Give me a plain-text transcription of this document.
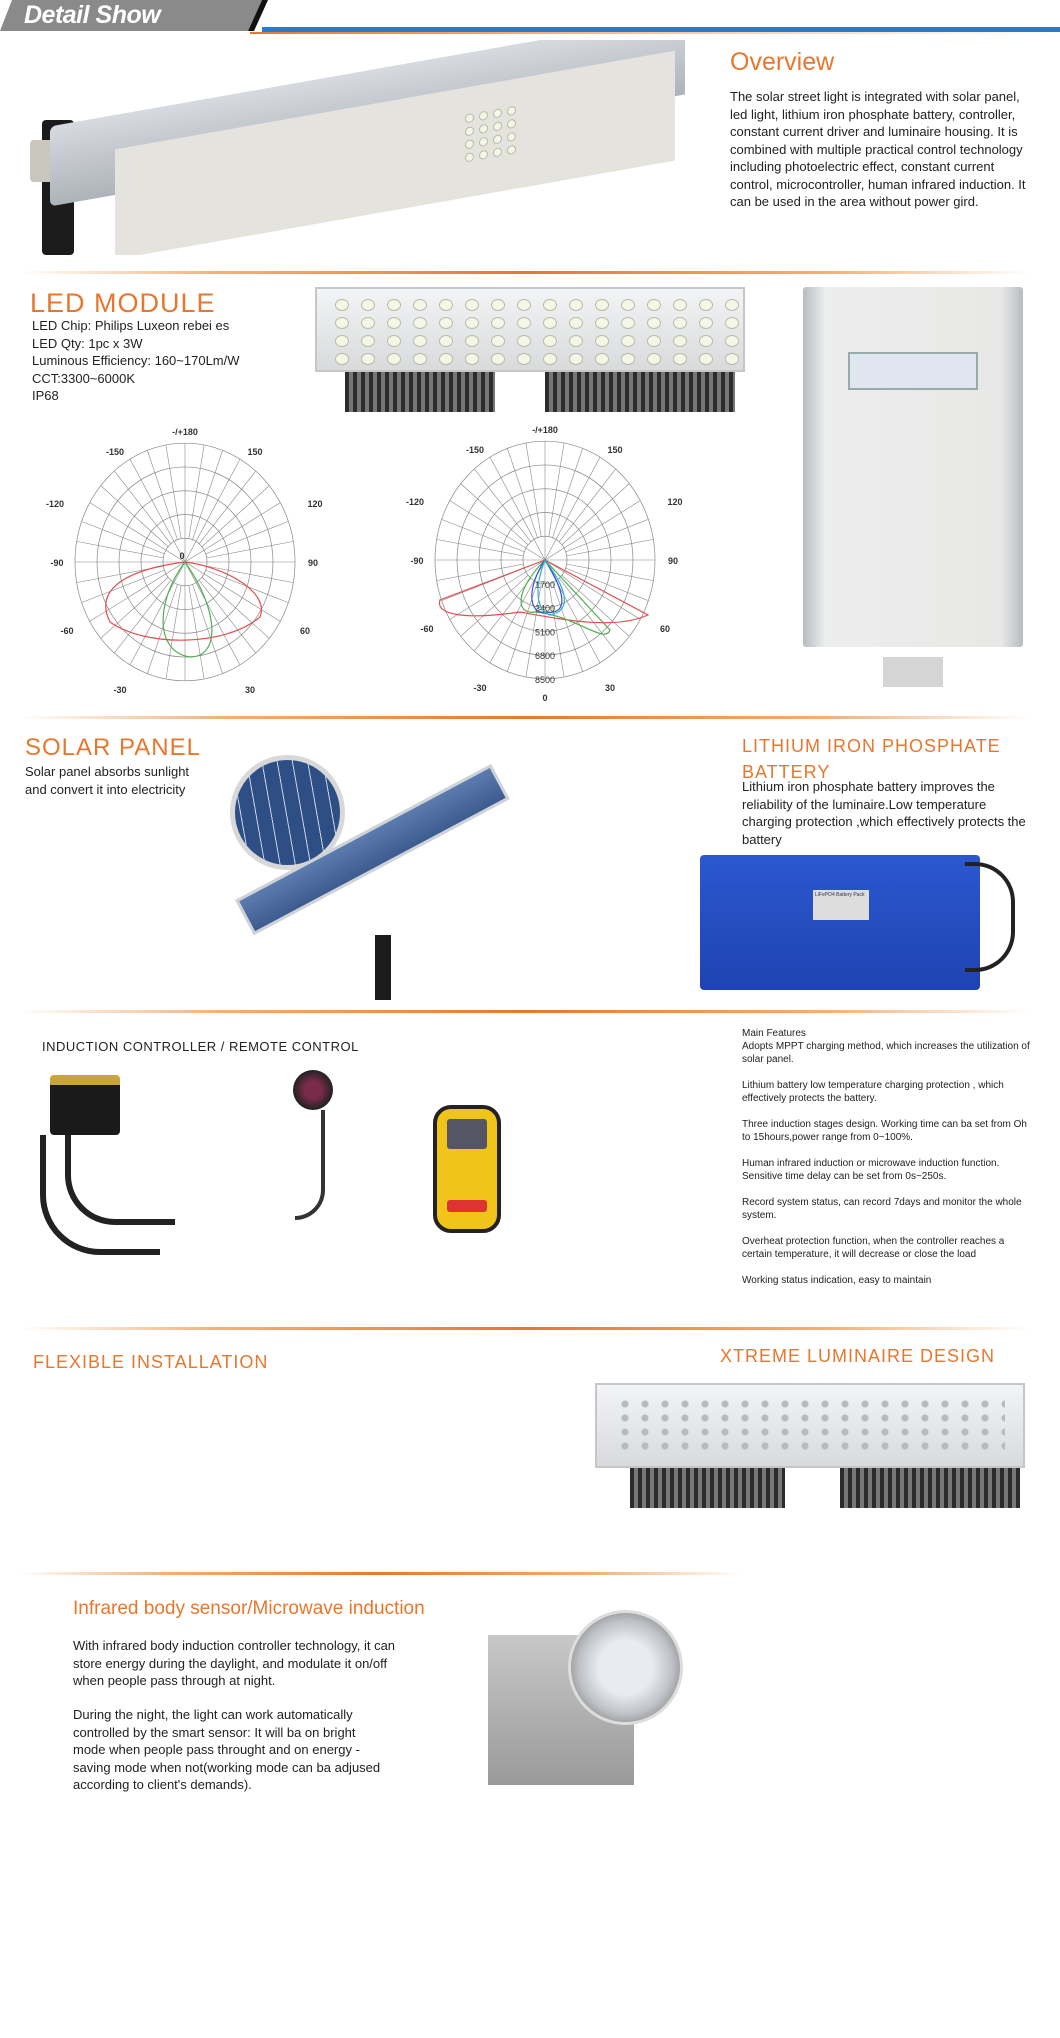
Detail Show
Overview
The solar street light is integrated with solar panel, led light, lithium iron phosphate battery, controller, constant current driver and luminaire housing. It is combined with multiple practical control technology including photoelectric effect, constant current control, microcontroller, human infrared induction. It can be used in the area without power gird.
LED MODULE
LED Chip: Philips Luxeon rebei es
LED Qty: 1pc x 3W
Luminous Efficiency: 160~170Lm/W
CCT:3300~6000K
IP68
-/+180
-150	150
-120	120
-90	90
-60	60
-30	30
0
-/+180
-150	150
-120	120
-90	90
-60	60
-30	30
0
1700
3400
5100
6800
8500
SOLAR PANEL
Solar panel absorbs sunlight and convert it into electricity
LITHIUM IRON PHOSPHATE BATTERY
Lithium iron phosphate battery improves the reliability of the luminaire.Low temperature charging protection ,which effectively protects the battery
LiFePO4 Battery Pack
INDUCTION CONTROLLER / REMOTE CONTROL
Main Features
Adopts MPPT charging method, which increases the utilization of solar panel.
Lithium battery low temperature charging protection , which effectively protects the battery.
Three induction stages design. Working time can ba set from Oh to 15hours,power range from 0~100%.
Human infrared induction or microwave induction function. Sensitive time delay can be set from 0s~250s.
Record system status, can record 7days and monitor the whole system.
Overheat protection function, when the controller reaches a certain temperature, it will decrease or close the load
Working status indication, easy to maintain
FLEXIBLE INSTALLATION	XTREME LUMINAIRE DESIGN
Infrared body sensor/Microwave induction
With infrared body induction controller technology, it can store energy during the daylight, and modulate it on/off when people pass through at night.
During the night, the light can work automatically controlled by the smart sensor: It will ba on bright mode when people pass throught and on energy -saving mode when not(working mode can ba adjused according to client's demands).
